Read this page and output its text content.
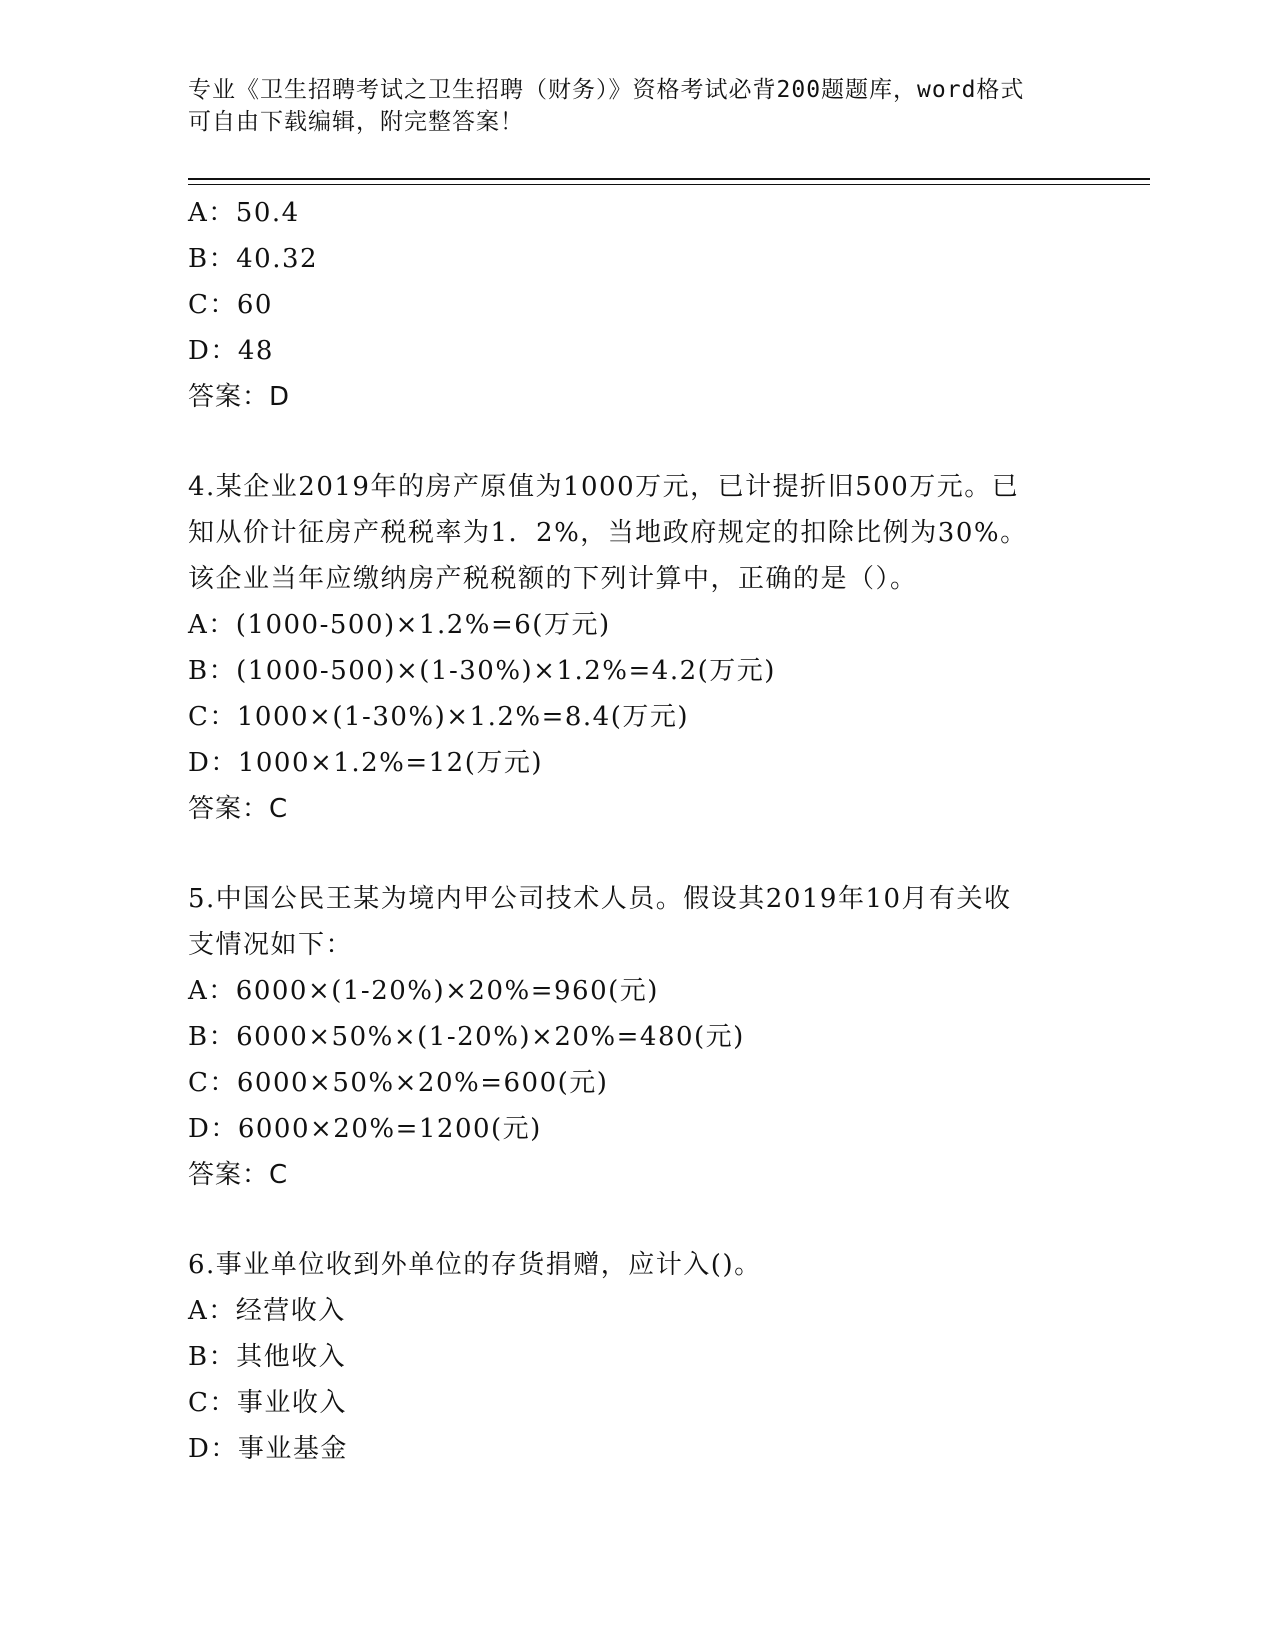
专业《卫生招聘考试之卫生招聘（财务）》资格考试必背200题题库，word格式
可自由下载编辑，附完整答案！
A：50.4
B：40.32
C：60
D：48
答案：D
4.某企业2019年的房产原值为1000万元，已计提折旧500万元。已
知从价计征房产税税率为1．2%，当地政府规定的扣除比例为30%。
该企业当年应缴纳房产税税额的下列计算中，正确的是（）。
A：(1000-500)×1.2%=6(万元)
B：(1000-500)×(1-30%)×1.2%=4.2(万元)
C：1000×(1-30%)×1.2%=8.4(万元)
D：1000×1.2%=12(万元)
答案：C
5.中国公民王某为境内甲公司技术人员。假设其2019年10月有关收
支情况如下：
A：6000×(1-20%)×20%=960(元)
B：6000×50%×(1-20%)×20%=480(元)
C：6000×50%×20%=600(元)
D：6000×20%=1200(元)
答案：C
6.事业单位收到外单位的存货捐赠，应计入()。
A：经营收入
B：其他收入
C：事业收入
D：事业基金
